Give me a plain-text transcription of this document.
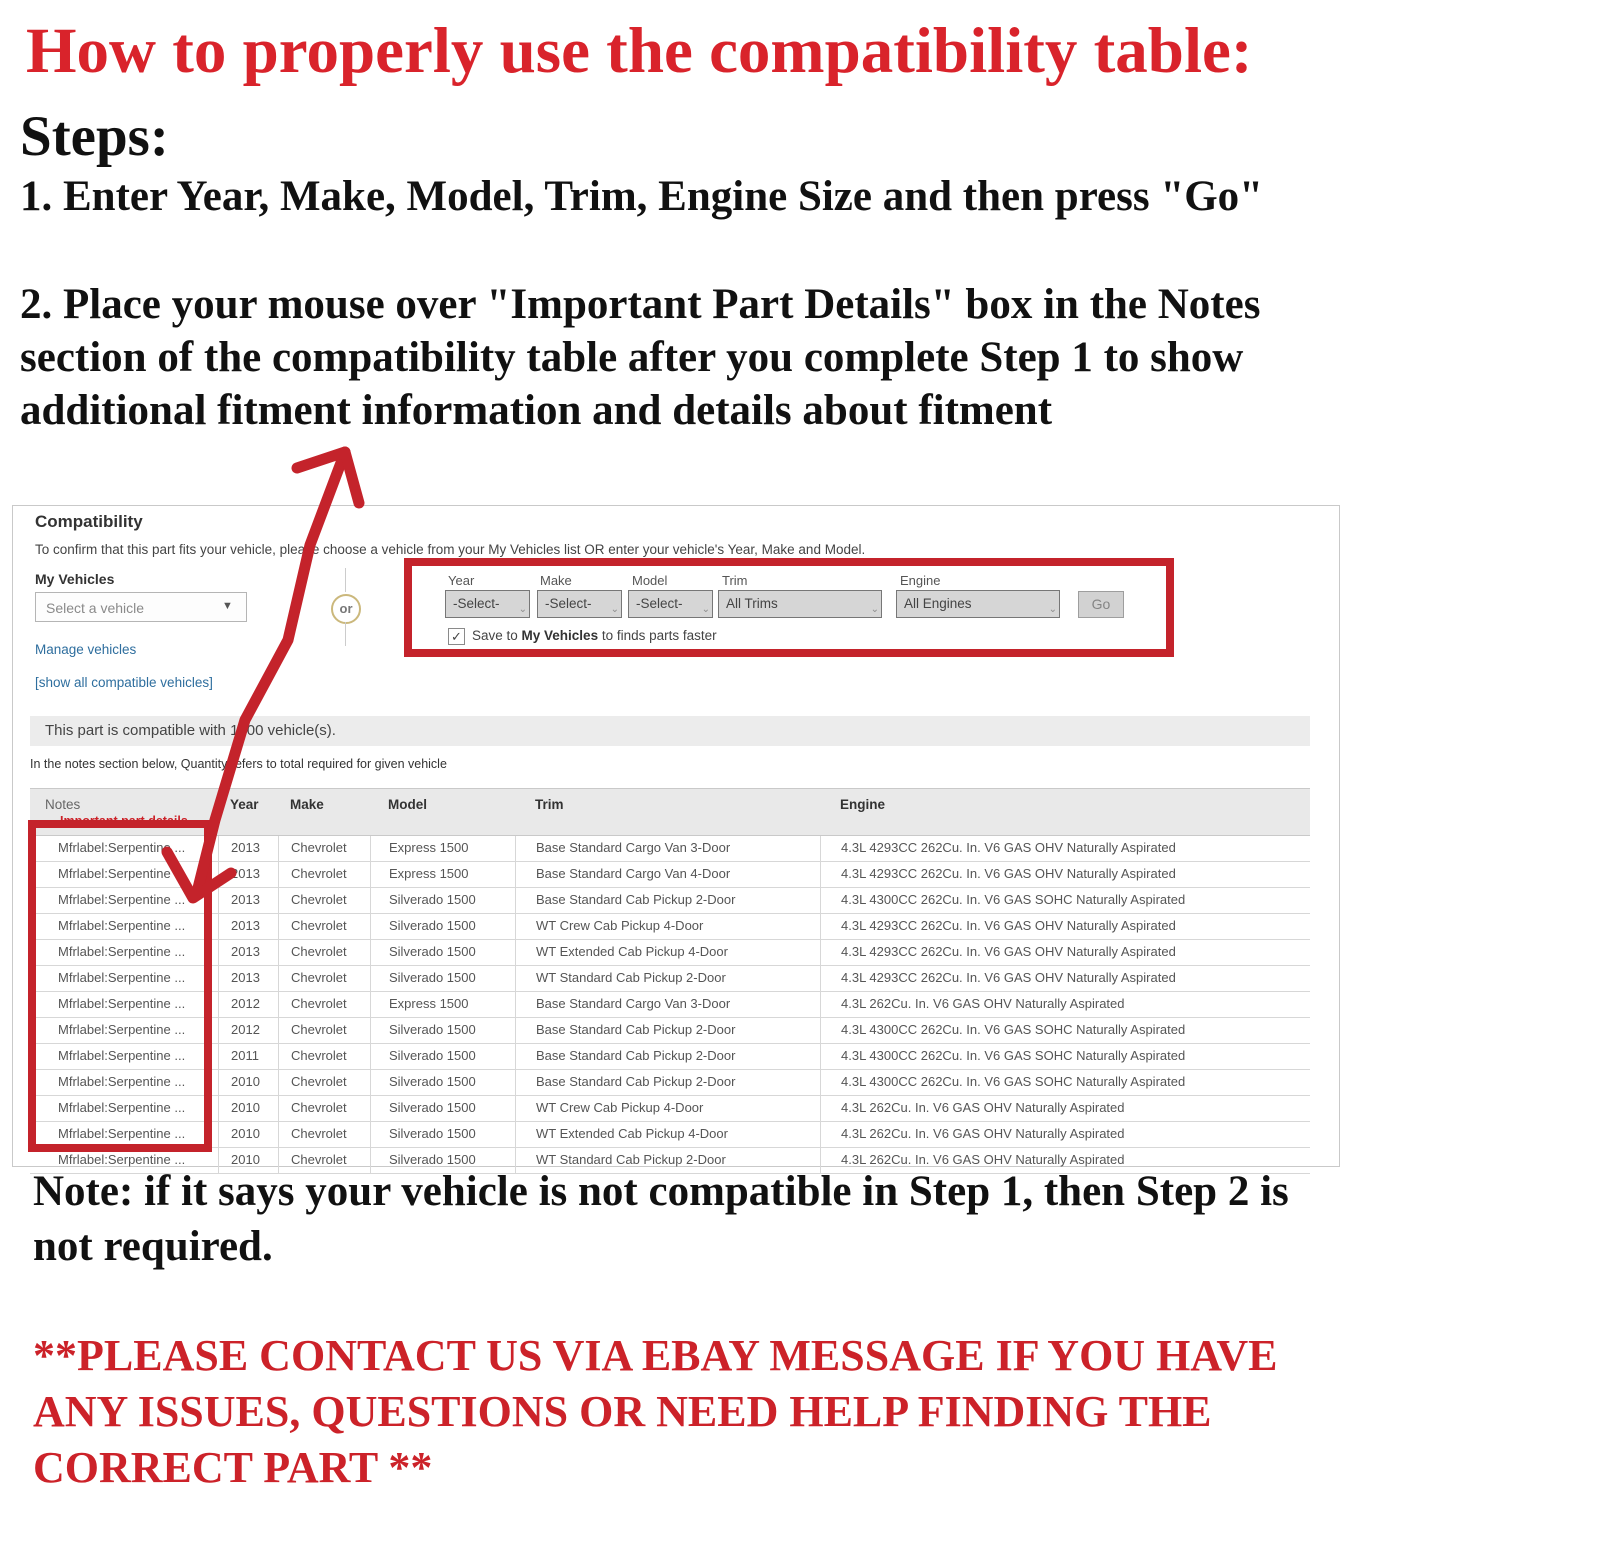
How to properly use the compatibility table:
Steps:
1. Enter Year, Make, Model, Trim, Engine Size and then press "Go"
2. Place your mouse over "Important Part Details" box in the Notes
section of the compatibility table after you complete Step 1 to show
additional fitment information and details about fitment
Compatibility
To confirm that this part fits your vehicle, please choose a vehicle from your My Vehicles list OR enter your vehicle's Year, Make and Model.
My Vehicles
Select a vehicle	▼
Manage vehicles
[show all compatible vehicles]
or
Year
-Select- ⌄
Make
-Select- ⌄
Model
-Select- ⌄
Trim
All Trims	⌄
Engine
All Engines	⌄	Go
✓ Save to My Vehicles to finds parts faster
This part is compatible with 1000 vehicle(s).
In the notes section below, Quantity refers to total required for given vehicle
Notes
Important part details
Year	Make	Model	Trim	Engine
Mfrlabel:Serpentine ...	2013	Chevrolet	Express 1500	Base Standard Cargo Van 3-Door	4.3L 4293CC 262Cu. In. V6 GAS OHV Naturally Aspirated
Mfrlabel:Serpentine ...	2013	Chevrolet	Express 1500	Base Standard Cargo Van 4-Door	4.3L 4293CC 262Cu. In. V6 GAS OHV Naturally Aspirated
Mfrlabel:Serpentine ...	2013	Chevrolet	Silverado 1500	Base Standard Cab Pickup 2-Door	4.3L 4300CC 262Cu. In. V6 GAS SOHC Naturally Aspirated
Mfrlabel:Serpentine ...	2013	Chevrolet	Silverado 1500	WT Crew Cab Pickup 4-Door	4.3L 4293CC 262Cu. In. V6 GAS OHV Naturally Aspirated
Mfrlabel:Serpentine ...	2013	Chevrolet	Silverado 1500	WT Extended Cab Pickup 4-Door	4.3L 4293CC 262Cu. In. V6 GAS OHV Naturally Aspirated
Mfrlabel:Serpentine ...	2013	Chevrolet	Silverado 1500	WT Standard Cab Pickup 2-Door	4.3L 4293CC 262Cu. In. V6 GAS OHV Naturally Aspirated
Mfrlabel:Serpentine ...	2012	Chevrolet	Express 1500	Base Standard Cargo Van 3-Door	4.3L 262Cu. In. V6 GAS OHV Naturally Aspirated
Mfrlabel:Serpentine ...	2012	Chevrolet	Silverado 1500	Base Standard Cab Pickup 2-Door	4.3L 4300CC 262Cu. In. V6 GAS SOHC Naturally Aspirated
Mfrlabel:Serpentine ...	2011	Chevrolet	Silverado 1500	Base Standard Cab Pickup 2-Door	4.3L 4300CC 262Cu. In. V6 GAS SOHC Naturally Aspirated
Mfrlabel:Serpentine ...	2010	Chevrolet	Silverado 1500	Base Standard Cab Pickup 2-Door	4.3L 4300CC 262Cu. In. V6 GAS SOHC Naturally Aspirated
Mfrlabel:Serpentine ...	2010	Chevrolet	Silverado 1500	WT Crew Cab Pickup 4-Door	4.3L 262Cu. In. V6 GAS OHV Naturally Aspirated
Mfrlabel:Serpentine ...	2010	Chevrolet	Silverado 1500	WT Extended Cab Pickup 4-Door	4.3L 262Cu. In. V6 GAS OHV Naturally Aspirated
Mfrlabel:Serpentine ...	2010	Chevrolet	Silverado 1500	WT Standard Cab Pickup 2-Door	4.3L 262Cu. In. V6 GAS OHV Naturally Aspirated
Note: if it says your vehicle is not compatible in Step 1, then Step 2 is
not required.
**PLEASE CONTACT US VIA EBAY MESSAGE IF YOU HAVE
ANY ISSUES, QUESTIONS OR NEED HELP FINDING THE
CORRECT PART **
